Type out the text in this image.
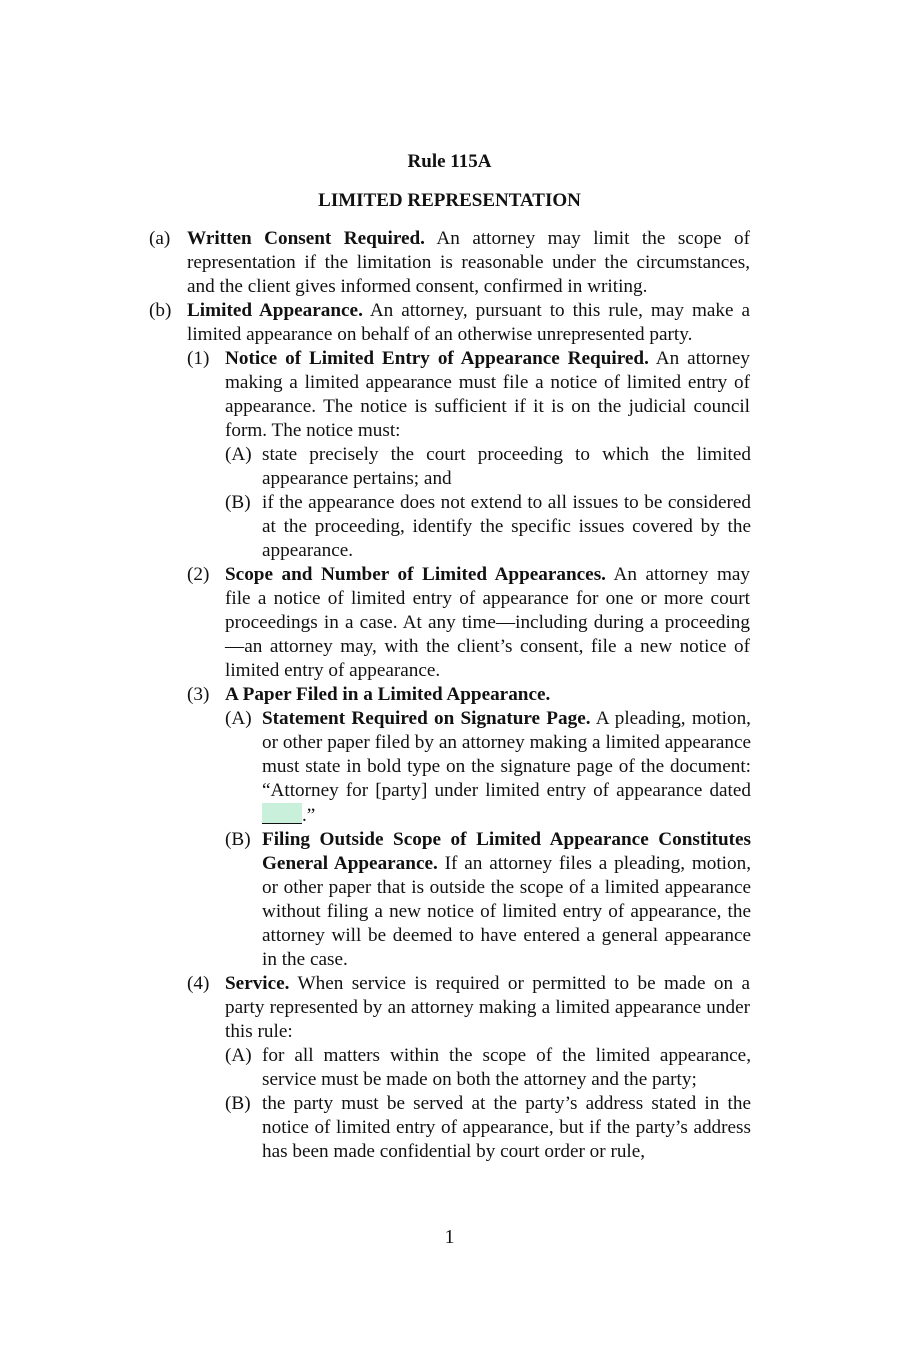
Rule 115A
LIMITED REPRESENTATION
(a) Written Consent Required. An attorney may limit the scope of representation if the limitation is reasonable under the circumstances, and the client gives informed consent, confirmed in writing.

(b) Limited Appearance. An attorney, pursuant to this rule, may make a limited appearance on behalf of an otherwise unrepresented party.

(1) Notice of Limited Entry of Appearance Required. An attorney making a limited appearance must file a notice of limited entry of appearance. The notice is sufficient if it is on the judicial council form. The notice must:

(A) state precisely the court proceeding to which the limited appearance pertains; and

(B) if the appearance does not extend to all issues to be considered at the proceeding, identify the specific issues covered by the appearance.

(2) Scope and Number of Limited Appearances. An attorney may file a notice of limited entry of appearance for one or more court proceedings in a case. At any time—including during a proceeding—an attorney may, with the client’s consent, file a new notice of limited entry of appearance.

(3) A Paper Filed in a Limited Appearance.

(A) Statement Required on Signature Page. A pleading, motion, or other paper filed by an attorney making a limited appearance must state in bold type on the signature page of the document: “Attorney for [party] under limited entry of appearance dated .”

(B) Filing Outside Scope of Limited Appearance Constitutes General Appearance. If an attorney files a pleading, motion, or other paper that is outside the scope of a limited appearance without filing a new notice of limited entry of appearance, the attorney will be deemed to have entered a general appearance in the case.

(4) Service. When service is required or permitted to be made on a party represented by an attorney making a limited appearance under this rule:

(A) for all matters within the scope of the limited appearance, service must be made on both the attorney and the party;

(B) the party must be served at the party’s address stated in the notice of limited entry of appearance, but if the party’s address has been made confidential by court order or rule,

1
